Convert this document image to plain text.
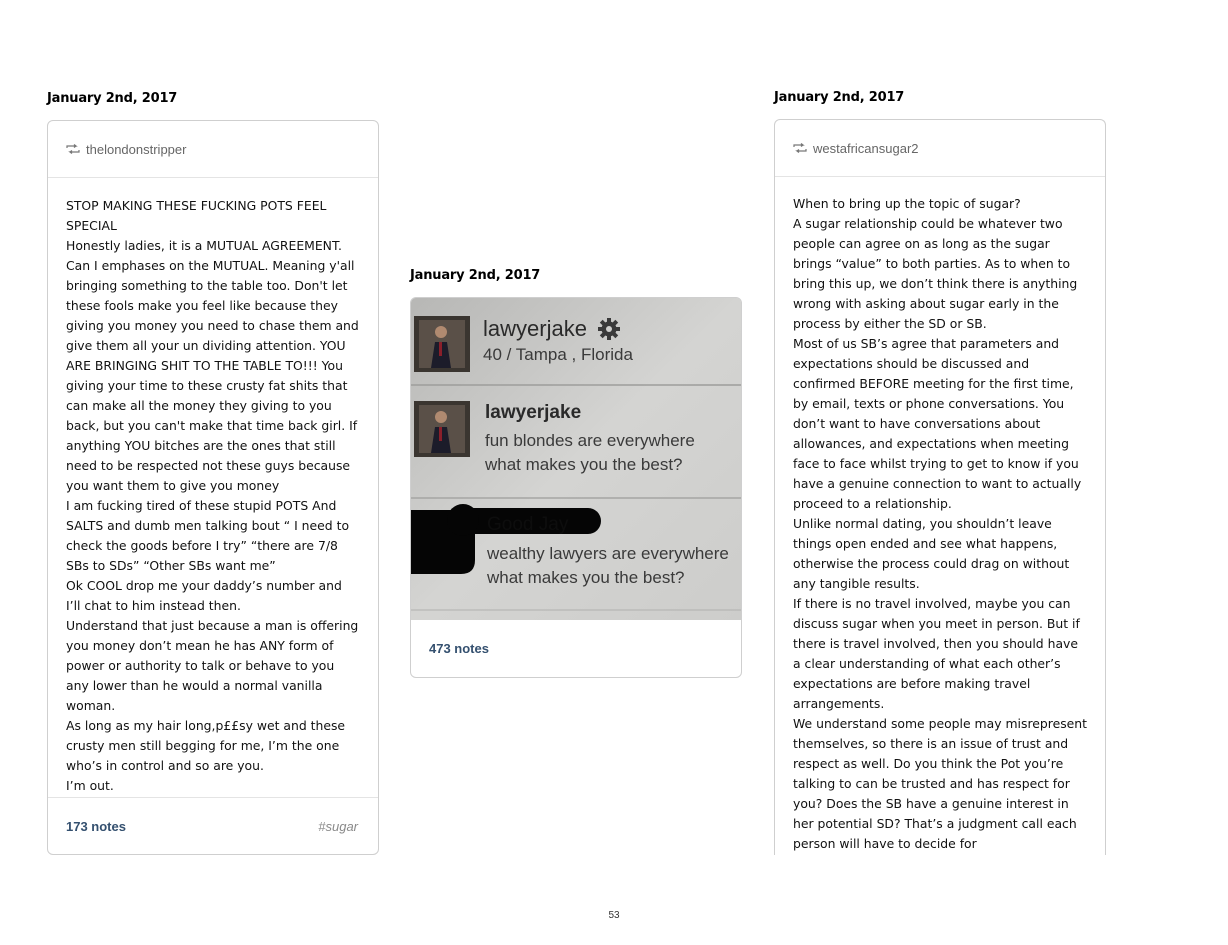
January 2nd, 2017
thelondonstripper

STOP MAKING THESE FUCKING POTS FEEL SPECIAL

Honestly ladies, it is a MUTUAL AGREEMENT. Can I emphases on the MUTUAL. Meaning y'all bringing something to the table too. Don't let these fools make you feel like because they giving you money you need to chase them and give them all your un dividing attention. YOU ARE BRINGING SHIT TO THE TABLE TO!!! You giving your time to these crusty fat shits that can make all the money they giving to you back, but you can't make that time back girl. If anything YOU bitches are the ones that still need to be respected not these guys because you want them to give you money

I am fucking tired of these stupid POTS And SALTS and dumb men talking bout “ I need to check the goods before I try” “there are 7/8 SBs to SDs” “Other SBs want me”

Ok COOL drop me your daddy’s number and I’ll chat to him instead then.

Understand that just because a man is offering you money don’t mean he has ANY form of power or authority to talk or behave to you any lower than he would a normal vanilla woman.

As long as my hair long,p££sy wet and these crusty men still begging for me, I’m the one who’s in control and so are you.

I’m out.

173 notes	#sugar
January 2nd, 2017
lawyerjake
40 / Tampa , Florida
lawyerjake
fun blondes are everywhere
what makes you the best?
Good Jay
wealthy lawyers are everywhere
what makes you the best?
473 notes
January 2nd, 2017
westafricansugar2

When to bring up the topic of sugar?

A sugar relationship could be whatever two people can agree on as long as the sugar brings “value” to both parties. As to when to bring this up, we don’t think there is anything wrong with asking about sugar early in the process by either the SD or SB.

Most of us SB’s agree that parameters and expectations should be discussed and confirmed BEFORE meeting for the first time, by email, texts or phone conversations. You don’t want to have conversations about allowances, and expectations when meeting face to face whilst trying to get to know if you have a genuine connection to want to actually proceed to a relationship.

Unlike normal dating, you shouldn’t leave things open ended and see what happens, otherwise the process could drag on without any tangible results.

If there is no travel involved, maybe you can discuss sugar when you meet in person. But if there is travel involved, then you should have a clear understanding of what each other’s expectations are before making travel arrangements.

We understand some people may misrepresent themselves, so there is an issue of trust and respect as well. Do you think the Pot you’re talking to can be trusted and has respect for you? Does the SB have a genuine interest in her potential SD? That’s a judgment call each person will have to decide for

53
